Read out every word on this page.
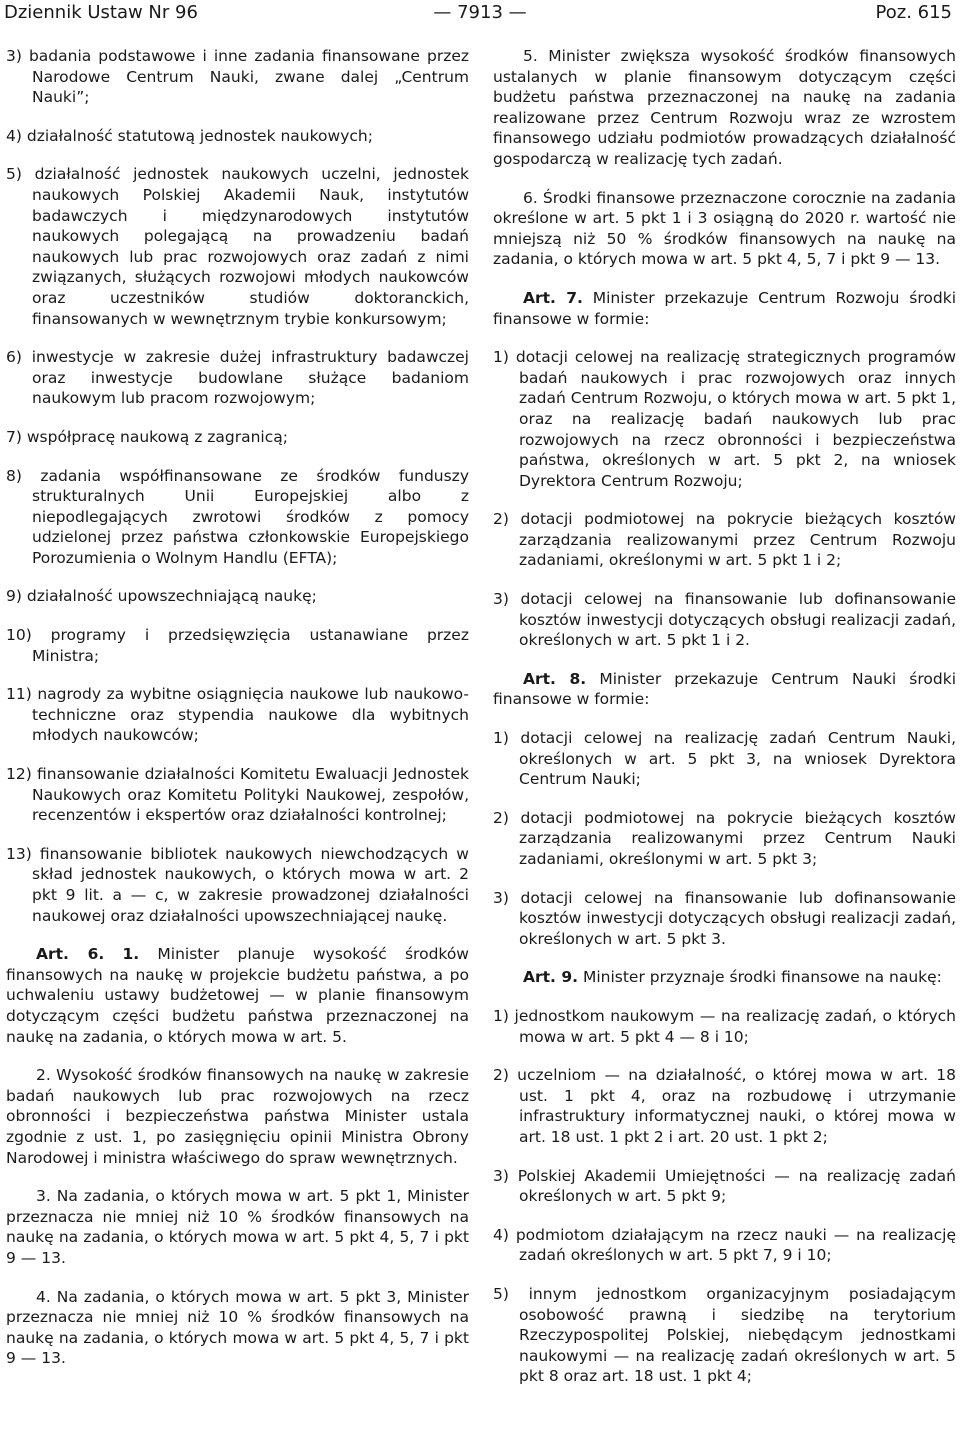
Dziennik Ustaw Nr 96	— 7913 —	Poz. 615
3) badania podstawowe i inne zadania finansowane przez Narodowe Centrum Nauki, zwane dalej „Centrum Nauki”;
4) działalność statutową jednostek naukowych;
5) działalność jednostek naukowych uczelni, jednostek naukowych Polskiej Akademii Nauk, instytutów badawczych i międzynarodowych instytutów naukowych polegającą na prowadzeniu badań naukowych lub prac rozwojowych oraz zadań z nimi związanych, służących rozwojowi młodych naukowców oraz uczestników studiów doktoranckich, finansowanych w wewnętrznym trybie konkursowym;
6) inwestycje w zakresie dużej infrastruktury badawczej oraz inwestycje budowlane służące badaniom naukowym lub pracom rozwojowym;
7) współpracę naukową z zagranicą;
8) zadania współfinansowane ze środków funduszy strukturalnych Unii Europejskiej albo z niepodlegających zwrotowi środków z pomocy udzielonej przez państwa członkowskie Europejskiego Porozumienia o Wolnym Handlu (EFTA);
9) działalność upowszechniającą naukę;
10) programy i przedsięwzięcia ustanawiane przez Ministra;
11) nagrody za wybitne osiągnięcia naukowe lub naukowo-techniczne oraz stypendia naukowe dla wybitnych młodych naukowców;
12) finansowanie działalności Komitetu Ewaluacji Jednostek Naukowych oraz Komitetu Polityki Naukowej, zespołów, recenzentów i ekspertów oraz działalności kontrolnej;
13) finansowanie bibliotek naukowych niewchodzących w skład jednostek naukowych, o których mowa w art. 2 pkt 9 lit. a — c, w zakresie prowadzonej działalności naukowej oraz działalności upowszechniającej naukę.
Art. 6. 1. Minister planuje wysokość środków finansowych na naukę w projekcie budżetu państwa, a po uchwaleniu ustawy budżetowej — w planie finansowym dotyczącym części budżetu państwa przeznaczonej na naukę na zadania, o których mowa w art. 5.
2. Wysokość środków finansowych na naukę w zakresie badań naukowych lub prac rozwojowych na rzecz obronności i bezpieczeństwa państwa Minister ustala zgodnie z ust. 1, po zasięgnięciu opinii Ministra Obrony Narodowej i ministra właściwego do spraw wewnętrznych.
3. Na zadania, o których mowa w art. 5 pkt 1, Minister przeznacza nie mniej niż 10 % środków finansowych na naukę na zadania, o których mowa w art. 5 pkt 4, 5, 7 i pkt 9 — 13.
4. Na zadania, o których mowa w art. 5 pkt 3, Minister przeznacza nie mniej niż 10 % środków finansowych na naukę na zadania, o których mowa w art. 5 pkt 4, 5, 7 i pkt 9 — 13.
5. Minister zwiększa wysokość środków finansowych ustalanych w planie finansowym dotyczącym części budżetu państwa przeznaczonej na naukę na zadania realizowane przez Centrum Rozwoju wraz ze wzrostem finansowego udziału podmiotów prowadzących działalność gospodarczą w realizację tych zadań.
6. Środki finansowe przeznaczone corocznie na zadania określone w art. 5 pkt 1 i 3 osiągną do 2020 r. wartość nie mniejszą niż 50 % środków finansowych na naukę na zadania, o których mowa w art. 5 pkt 4, 5, 7 i pkt 9 — 13.
Art. 7. Minister przekazuje Centrum Rozwoju środki finansowe w formie:
1) dotacji celowej na realizację strategicznych programów badań naukowych i prac rozwojowych oraz innych zadań Centrum Rozwoju, o których mowa w art. 5 pkt 1, oraz na realizację badań naukowych lub prac rozwojowych na rzecz obronności i bezpieczeństwa państwa, określonych w art. 5 pkt 2, na wniosek Dyrektora Centrum Rozwoju;
2) dotacji podmiotowej na pokrycie bieżących kosztów zarządzania realizowanymi przez Centrum Rozwoju zadaniami, określonymi w art. 5 pkt 1 i 2;
3) dotacji celowej na finansowanie lub dofinansowanie kosztów inwestycji dotyczących obsługi realizacji zadań, określonych w art. 5 pkt 1 i 2.
Art. 8. Minister przekazuje Centrum Nauki środki finansowe w formie:
1) dotacji celowej na realizację zadań Centrum Nauki, określonych w art. 5 pkt 3, na wniosek Dyrektora Centrum Nauki;
2) dotacji podmiotowej na pokrycie bieżących kosztów zarządzania realizowanymi przez Centrum Nauki zadaniami, określonymi w art. 5 pkt 3;
3) dotacji celowej na finansowanie lub dofinansowanie kosztów inwestycji dotyczących obsługi realizacji zadań, określonych w art. 5 pkt 3.
Art. 9. Minister przyznaje środki finansowe na naukę:
1) jednostkom naukowym — na realizację zadań, o których mowa w art. 5 pkt 4 — 8 i 10;
2) uczelniom — na działalność, o której mowa w art. 18 ust. 1 pkt 4, oraz na rozbudowę i utrzymanie infrastruktury informatycznej nauki, o której mowa w art. 18 ust. 1 pkt 2 i art. 20 ust. 1 pkt 2;
3) Polskiej Akademii Umiejętności — na realizację zadań określonych w art. 5 pkt 9;
4) podmiotom działającym na rzecz nauki — na realizację zadań określonych w art. 5 pkt 7, 9 i 10;
5) innym jednostkom organizacyjnym posiadającym osobowość prawną i siedzibę na terytorium Rzeczypospolitej Polskiej, niebędącym jednostkami naukowymi — na realizację zadań określonych w art. 5 pkt 8 oraz art. 18 ust. 1 pkt 4;
